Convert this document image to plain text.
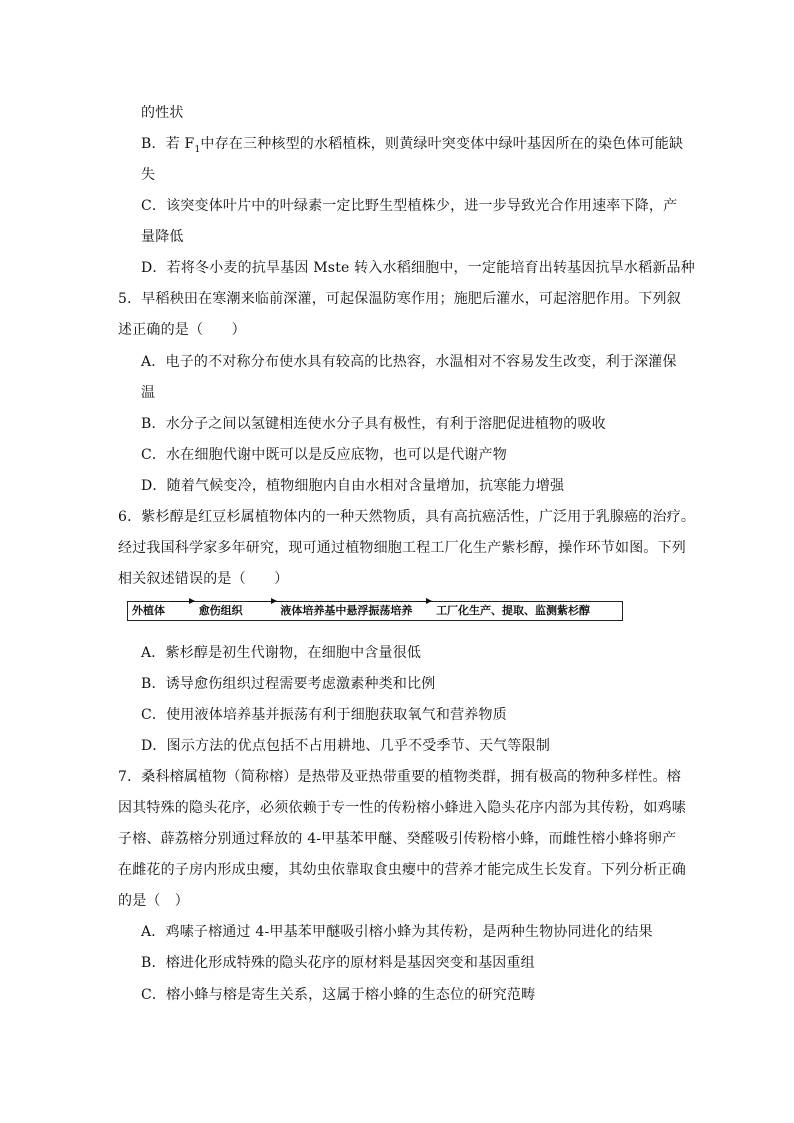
的性状
B．若 $F_1$中存在三种核型的水稻植株，则黄绿叶突变体中绿叶基因所在的染色体可能缺
失
C．该突变体叶片中的叶绿素一定比野生型植株少，进一步导致光合作用速率下降，产
量降低
D．若将冬小麦的抗旱基因 Mste 转入水稻细胞中，一定能培育出转基因抗旱水稻新品种
5．早稻秧田在寒潮来临前深灌，可起保温防寒作用；施肥后灌水，可起溶肥作用。下列叙
述正确的是（　　）
A．电子的不对称分布使水具有较高的比热容，水温相对不容易发生改变，利于深灌保
温
B．水分子之间以氢键相连使水分子具有极性，有利于溶肥促进植物的吸收
C．水在细胞代谢中既可以是反应底物，也可以是代谢产物
D．随着气候变冷，植物细胞内自由水相对含量增加，抗寒能力增强
6．紫杉醇是红豆杉属植物体内的一种天然物质，具有高抗癌活性，广泛用于乳腺癌的治疗。
经过我国科学家多年研究，现可通过植物细胞工程工厂化生产紫杉醇，操作环节如图。下列
相关叙述错误的是（　　）
外植体	愈伤组织	液体培养基中悬浮振荡培养 工厂化生产、提取、监测紫杉醇
A．紫杉醇是初生代谢物，在细胞中含量很低
B．诱导愈伤组织过程需要考虑激素种类和比例
C．使用液体培养基并振荡有利于细胞获取氧气和营养物质
D．图示方法的优点包括不占用耕地、几乎不受季节、天气等限制
7．桑科榕属植物（简称榕）是热带及亚热带重要的植物类群，拥有极高的物种多样性。榕
因其特殊的隐头花序，必须依赖于专一性的传粉榕小蜂进入隐头花序内部为其传粉，如鸡嗉
子榕、薜荔榕分别通过释放的 4-甲基苯甲醚、癸醛吸引传粉榕小蜂，而雌性榕小蜂将卵产
在雌花的子房内形成虫瘿，其幼虫依靠取食虫瘿中的营养才能完成生长发育。下列分析正确
的是（　）
A．鸡嗉子榕通过 4-甲基苯甲醚吸引榕小蜂为其传粉，是两种生物协同进化的结果
B．榕进化形成特殊的隐头花序的原材料是基因突变和基因重组
C．榕小蜂与榕是寄生关系，这属于榕小蜂的生态位的研究范畴
